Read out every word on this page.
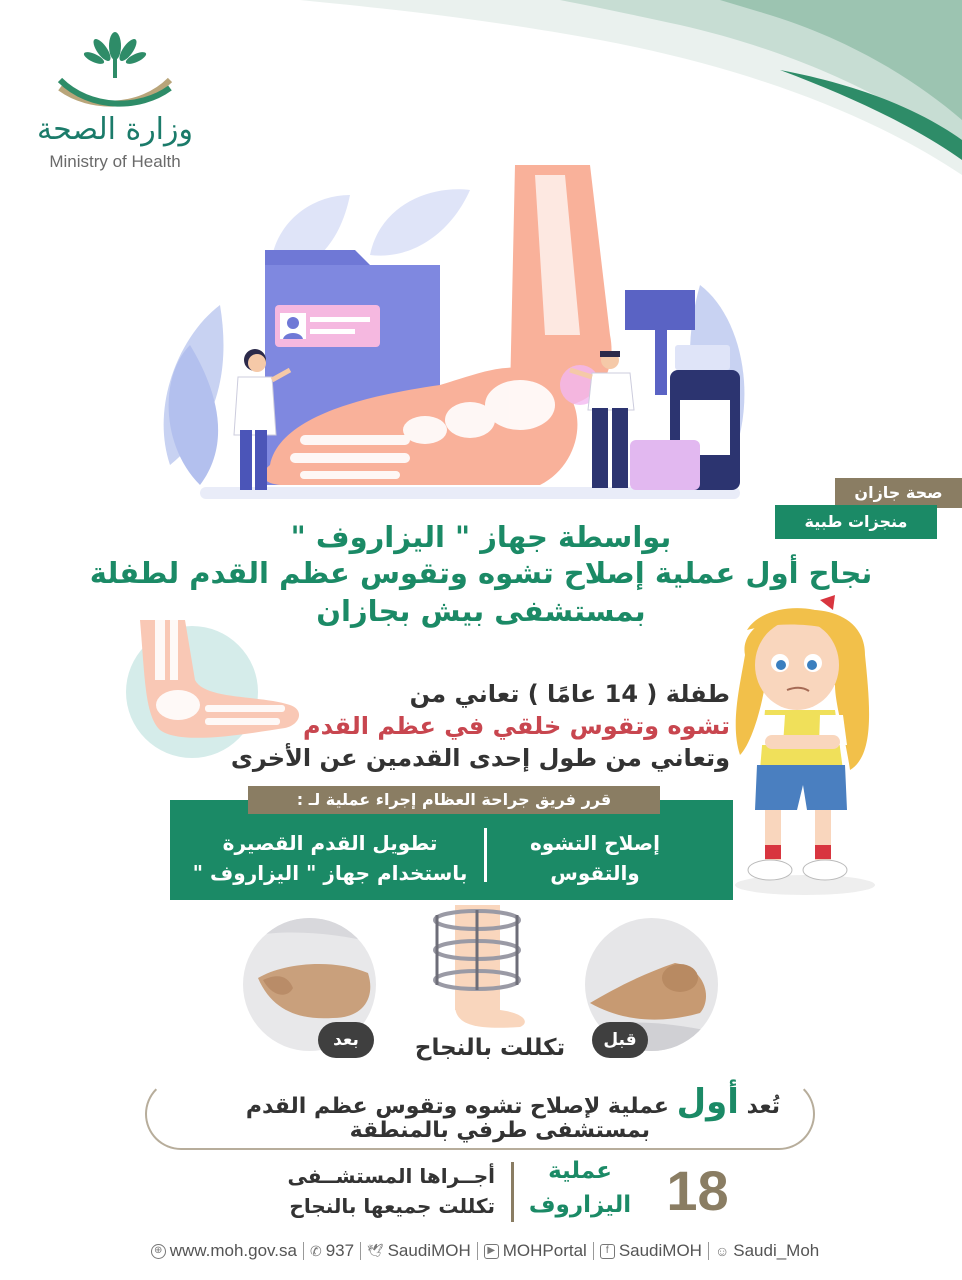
وزارة الصحة
Ministry of Health
صحة جازان
منجزات طبية
بواسطة جهاز " اليزاروف "
نجاح أول عملية إصلاح تشوه وتقوس عظم القدم لطفلة
بمستشفى بيش بجازان
طفلة ( 14 عامًا ) تعاني من
تشوه وتقوس خلقي في عظم القدم
وتعاني من طول إحدى القدمين عن الأخرى
قرر فريق جراحة العظام إجراء عملية لـ :
إصلاح التشوه
والتقوس
تطويل القدم القصيرة
باستخدام جهاز " اليزاروف "
بعد	قبل
تكللت بالنجاح
تُعد أول عملية لإصلاح تشوه وتقوس عظم القدم
بمستشفى طرفي بالمنطقة
18
عملية
اليزاروف
أجــراها المستشــفى
تكللت جميعها بالنجاح
⊕ www.moh.gov.sa ✆ 937 🕊 SaudiMOH	▶ MOHPortal	f SaudiMOH ☺ Saudi_Moh
